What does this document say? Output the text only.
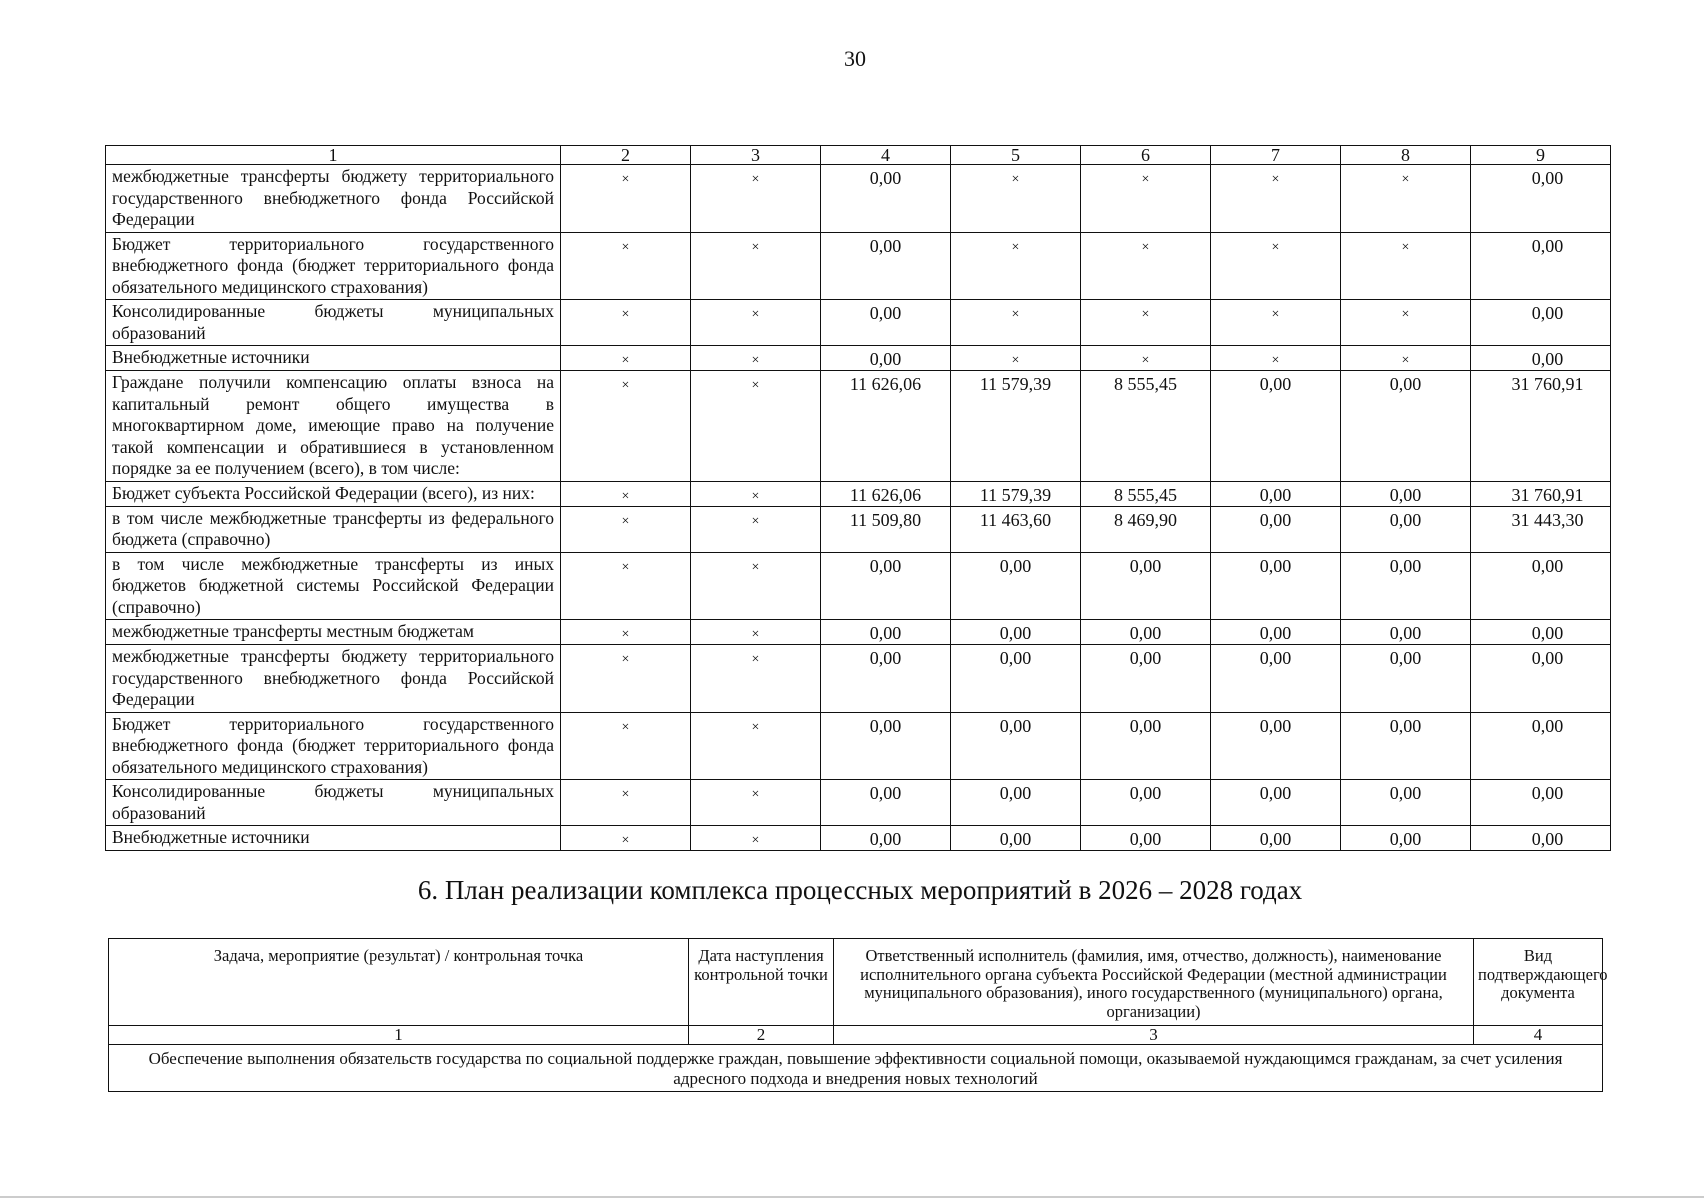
30
1	2	3	4	5	6	7	8	9
межбюджетные трансферты бюджету территориального государственного внебюджетного фонда Российской Федерации	×	×	0,00	×	×	×	×	0,00
Бюджет территориального государственного внебюджетного фонда (бюджет территориального фонда обязательного медицинского страхования)	×	×	0,00	×	×	×	×	0,00
Консолидированные бюджеты муниципальных образований	×	×	0,00	×	×	×	×	0,00
Внебюджетные источники	×	×	0,00	×	×	×	×	0,00
Граждане получили компенсацию оплаты взноса на капитальный ремонт общего имущества в многоквартирном доме, имеющие право на получение такой компенсации и обратившиеся в установленном порядке за ее получением (всего), в том числе:	×	×	11 626,06	11 579,39	8 555,45	0,00	0,00	31 760,91
Бюджет субъекта Российской Федерации (всего), из них:	×	×	11 626,06	11 579,39	8 555,45	0,00	0,00	31 760,91
в том числе межбюджетные трансферты из федерального бюджета (справочно)	×	×	11 509,80	11 463,60	8 469,90	0,00	0,00	31 443,30
в том числе межбюджетные трансферты из иных бюджетов бюджетной системы Российской Федерации (справочно)	×	×	0,00	0,00	0,00	0,00	0,00	0,00
межбюджетные трансферты местным бюджетам	×	×	0,00	0,00	0,00	0,00	0,00	0,00
межбюджетные трансферты бюджету территориального государственного внебюджетного фонда Российской Федерации	×	×	0,00	0,00	0,00	0,00	0,00	0,00
Бюджет территориального государственного внебюджетного фонда (бюджет территориального фонда обязательного медицинского страхования)	×	×	0,00	0,00	0,00	0,00	0,00	0,00
Консолидированные бюджеты муниципальных образований	×	×	0,00	0,00	0,00	0,00	0,00	0,00
Внебюджетные источники	×	×	0,00	0,00	0,00	0,00	0,00	0,00
6. План реализации комплекса процессных мероприятий в 2026 – 2028 годах
Задача, мероприятие (результат) / контрольная точка	Дата наступления контрольной точки	Ответственный исполнитель (фамилия, имя, отчество, должность), наименование исполнительного органа субъекта Российской Федерации (местной администрации муниципального образования), иного государственного (муниципального) органа, организации)	Вид подтверждающего документа
1	2	3	4
Обеспечение выполнения обязательств государства по социальной поддержке граждан, повышение эффективности социальной помощи, оказываемой нуждающимся гражданам, за счет усиления адресного подхода и внедрения новых технологий			
